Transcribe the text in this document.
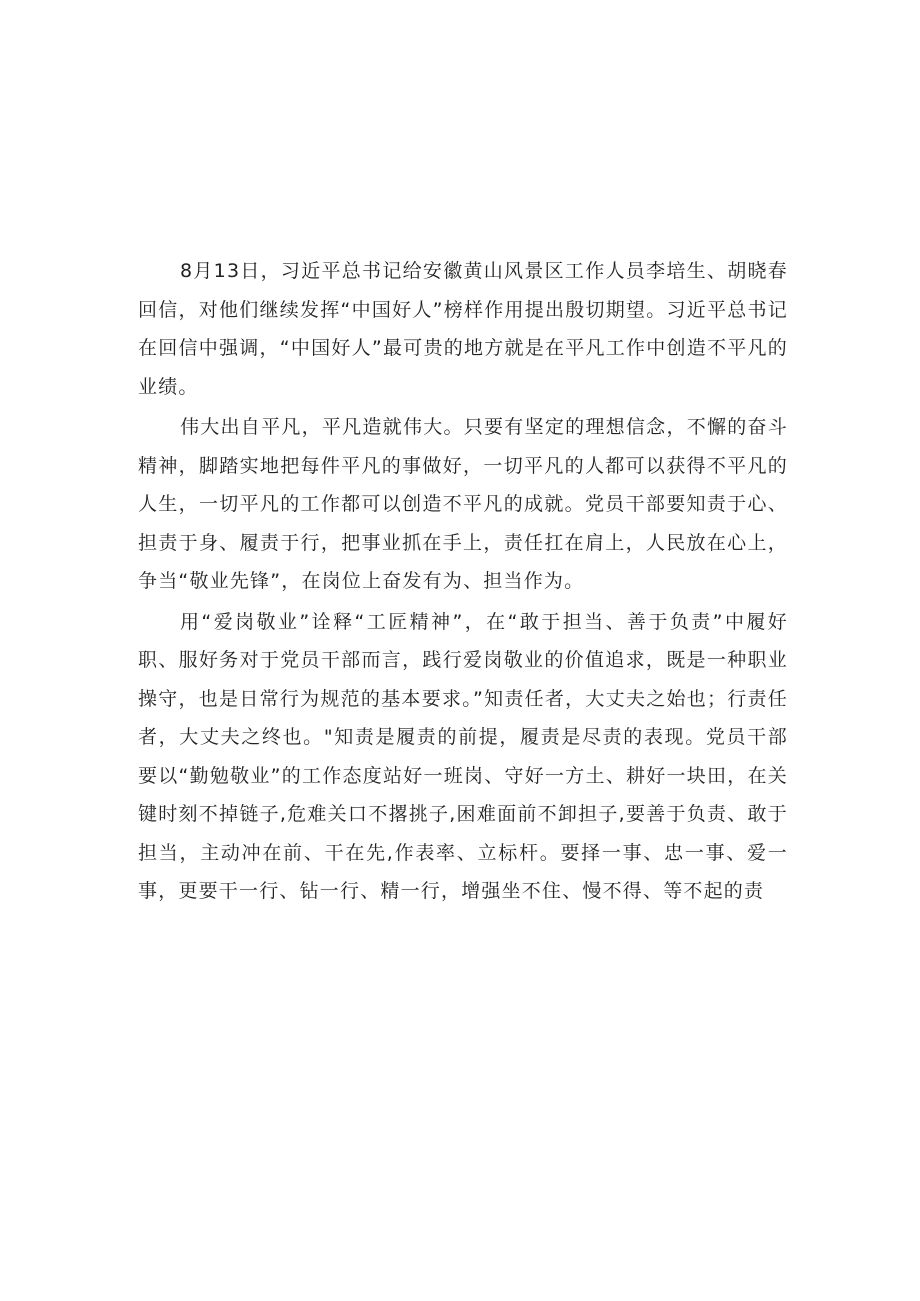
8月13日，习近平总书记给安徽黄山风景区工作人员李培生、胡晓春回信，对他们继续发挥“中国好人”榜样作用提出殷切期望。习近平总书记在回信中强调，“中国好人”最可贵的地方就是在平凡工作中创造不平凡的业绩。

伟大出自平凡，平凡造就伟大。只要有坚定的理想信念，不懈的奋斗精神，脚踏实地把每件平凡的事做好，一切平凡的人都可以获得不平凡的人生，一切平凡的工作都可以创造不平凡的成就。党员干部要知责于心、担责于身、履责于行，把事业抓在手上，责任扛在肩上，人民放在心上，争当“敬业先锋”，在岗位上奋发有为、担当作为。

用“爱岗敬业”诠释“工匠精神”，在“敢于担当、善于负责”中履好职、服好务对于党员干部而言，践行爱岗敬业的价值追求，既是一种职业操守，也是日常行为规范的基本要求。”知责任者，大丈夫之始也；行责任者，大丈夫之终也。"知责是履责的前提，履责是尽责的表现。党员干部要以“勤勉敬业”的工作态度站好一班岗、守好一方土、耕好一块田，在关键时刻不掉链子,危难关口不撂挑子,困难面前不卸担子,要善于负责、敢于担当，主动冲在前、干在先,作表率、立标杆。要择一事、忠一事、爱一事，更要干一行、钻一行、精一行，增强坐不住、慢不得、等不起的责
